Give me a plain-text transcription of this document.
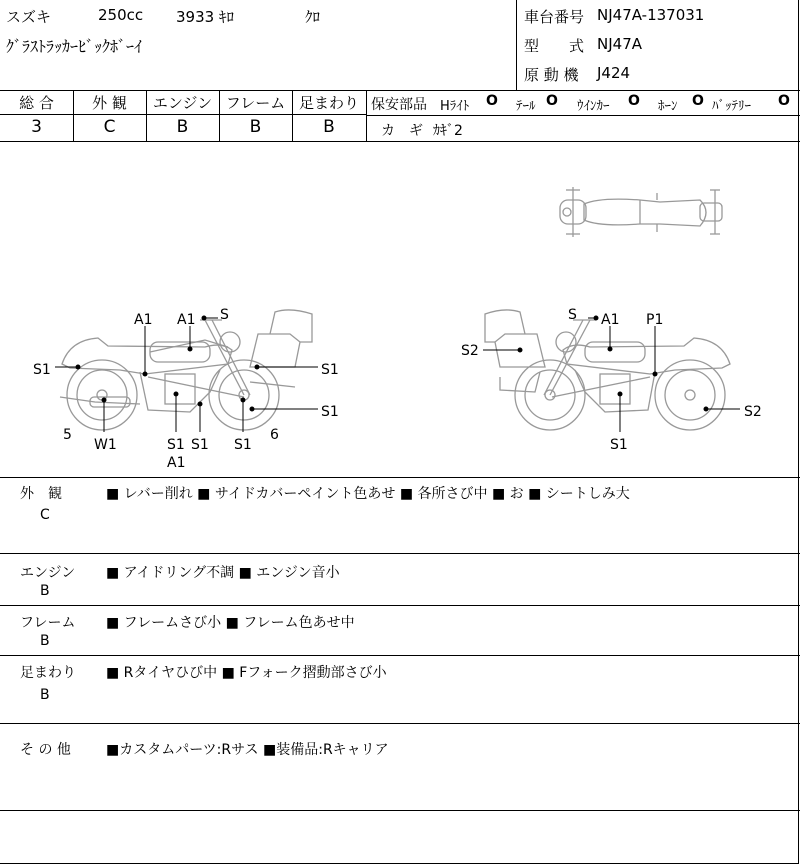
スズキ	250cc 3933 ｷﾛ	ｸﾛ
ｸﾞﾗｽﾄﾗｯｶｰﾋﾞｯｸﾎﾞｰｲ
車台番号 NJ47A-137031
型　　式 NJ47A
原 動 機 J424
総 合	外 観	エンジン フレーム 足まわり
3	C	B	B	B
保安部品 Hﾗｲﾄ O ﾃｰﾙ O ｳｲﾝｶｰ O ﾎｰﾝ O ﾊﾞｯﾃﾘｰ O
カ　ギ ｶｷﾞ2
A1 A1 S
S1	S1
S1
5
W1	S1 S1
A1
S1
6
S A1 P1
S2
S2
S1
外　観
C
■ レバー削れ ■ サイドカバーペイント色あせ ■ 各所さび中 ■ お ■ シートしみ大
エンジン
B
■ アイドリング不調 ■ エンジン音小
フレーム
B
■ フレームさび小 ■ フレーム色あせ中
足まわり
B
■ Rタイヤひび中 ■ Fフォーク摺動部さび小
そ の 他	■カスタムパーツ:Rサス ■装備品:Rキャリア
